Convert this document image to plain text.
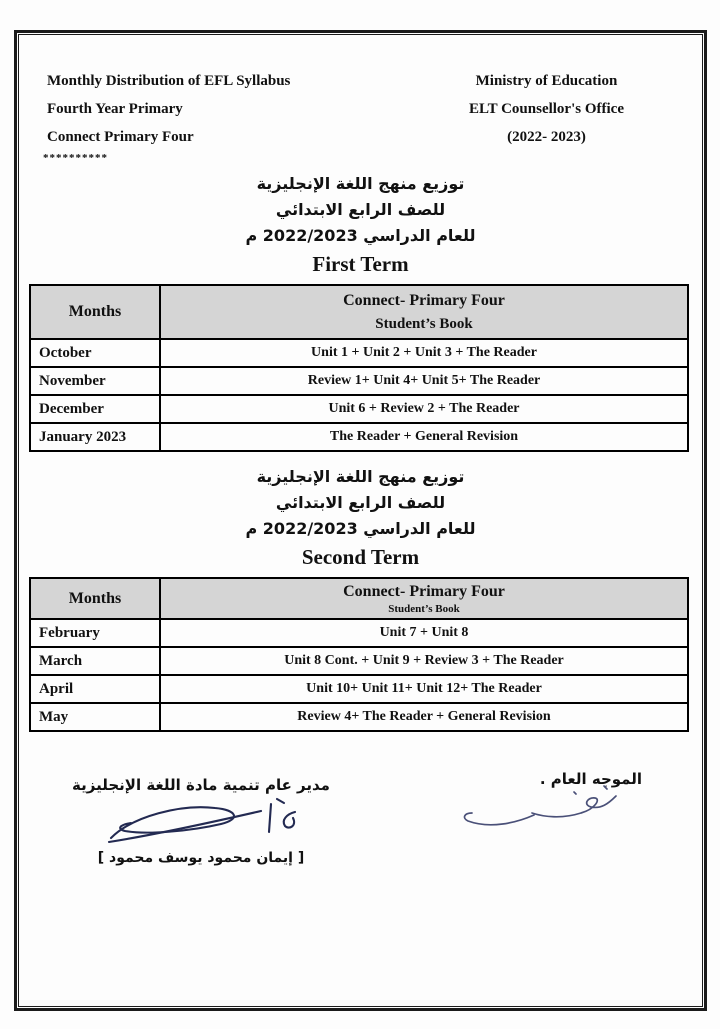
Monthly Distribution of EFL Syllabus
Fourth Year Primary
Connect Primary Four
**********
Ministry of Education
ELT Counsellor's Office
(2022- 2023)
توزيع منهج اللغة الإنجليزية
للصف الرابع الابتدائي
للعام الدراسي 2022/2023 م
First Term
Months	Connect- Primary Four
Student’s Book

October	Unit 1 + Unit 2 + Unit 3 + The Reader
November	Review 1+ Unit 4+ Unit 5+ The Reader
December	Unit 6 + Review 2 + The Reader
January 2023	The Reader + General Revision
توزيع منهج اللغة الإنجليزية
للصف الرابع الابتدائي
للعام الدراسي 2022/2023 م
Second Term
Months	Connect- Primary Four
Student’s Book

February	Unit 7 + Unit 8
March	Unit 8 Cont. + Unit 9 + Review 3 + The Reader
April	Unit 10+ Unit 11+ Unit 12+ The Reader
May	Review 4+ The Reader + General Revision
الموجه العام .
مدير عام تنمية مادة اللغة الإنجليزية
[ إيمان محمود يوسف محمود ]
